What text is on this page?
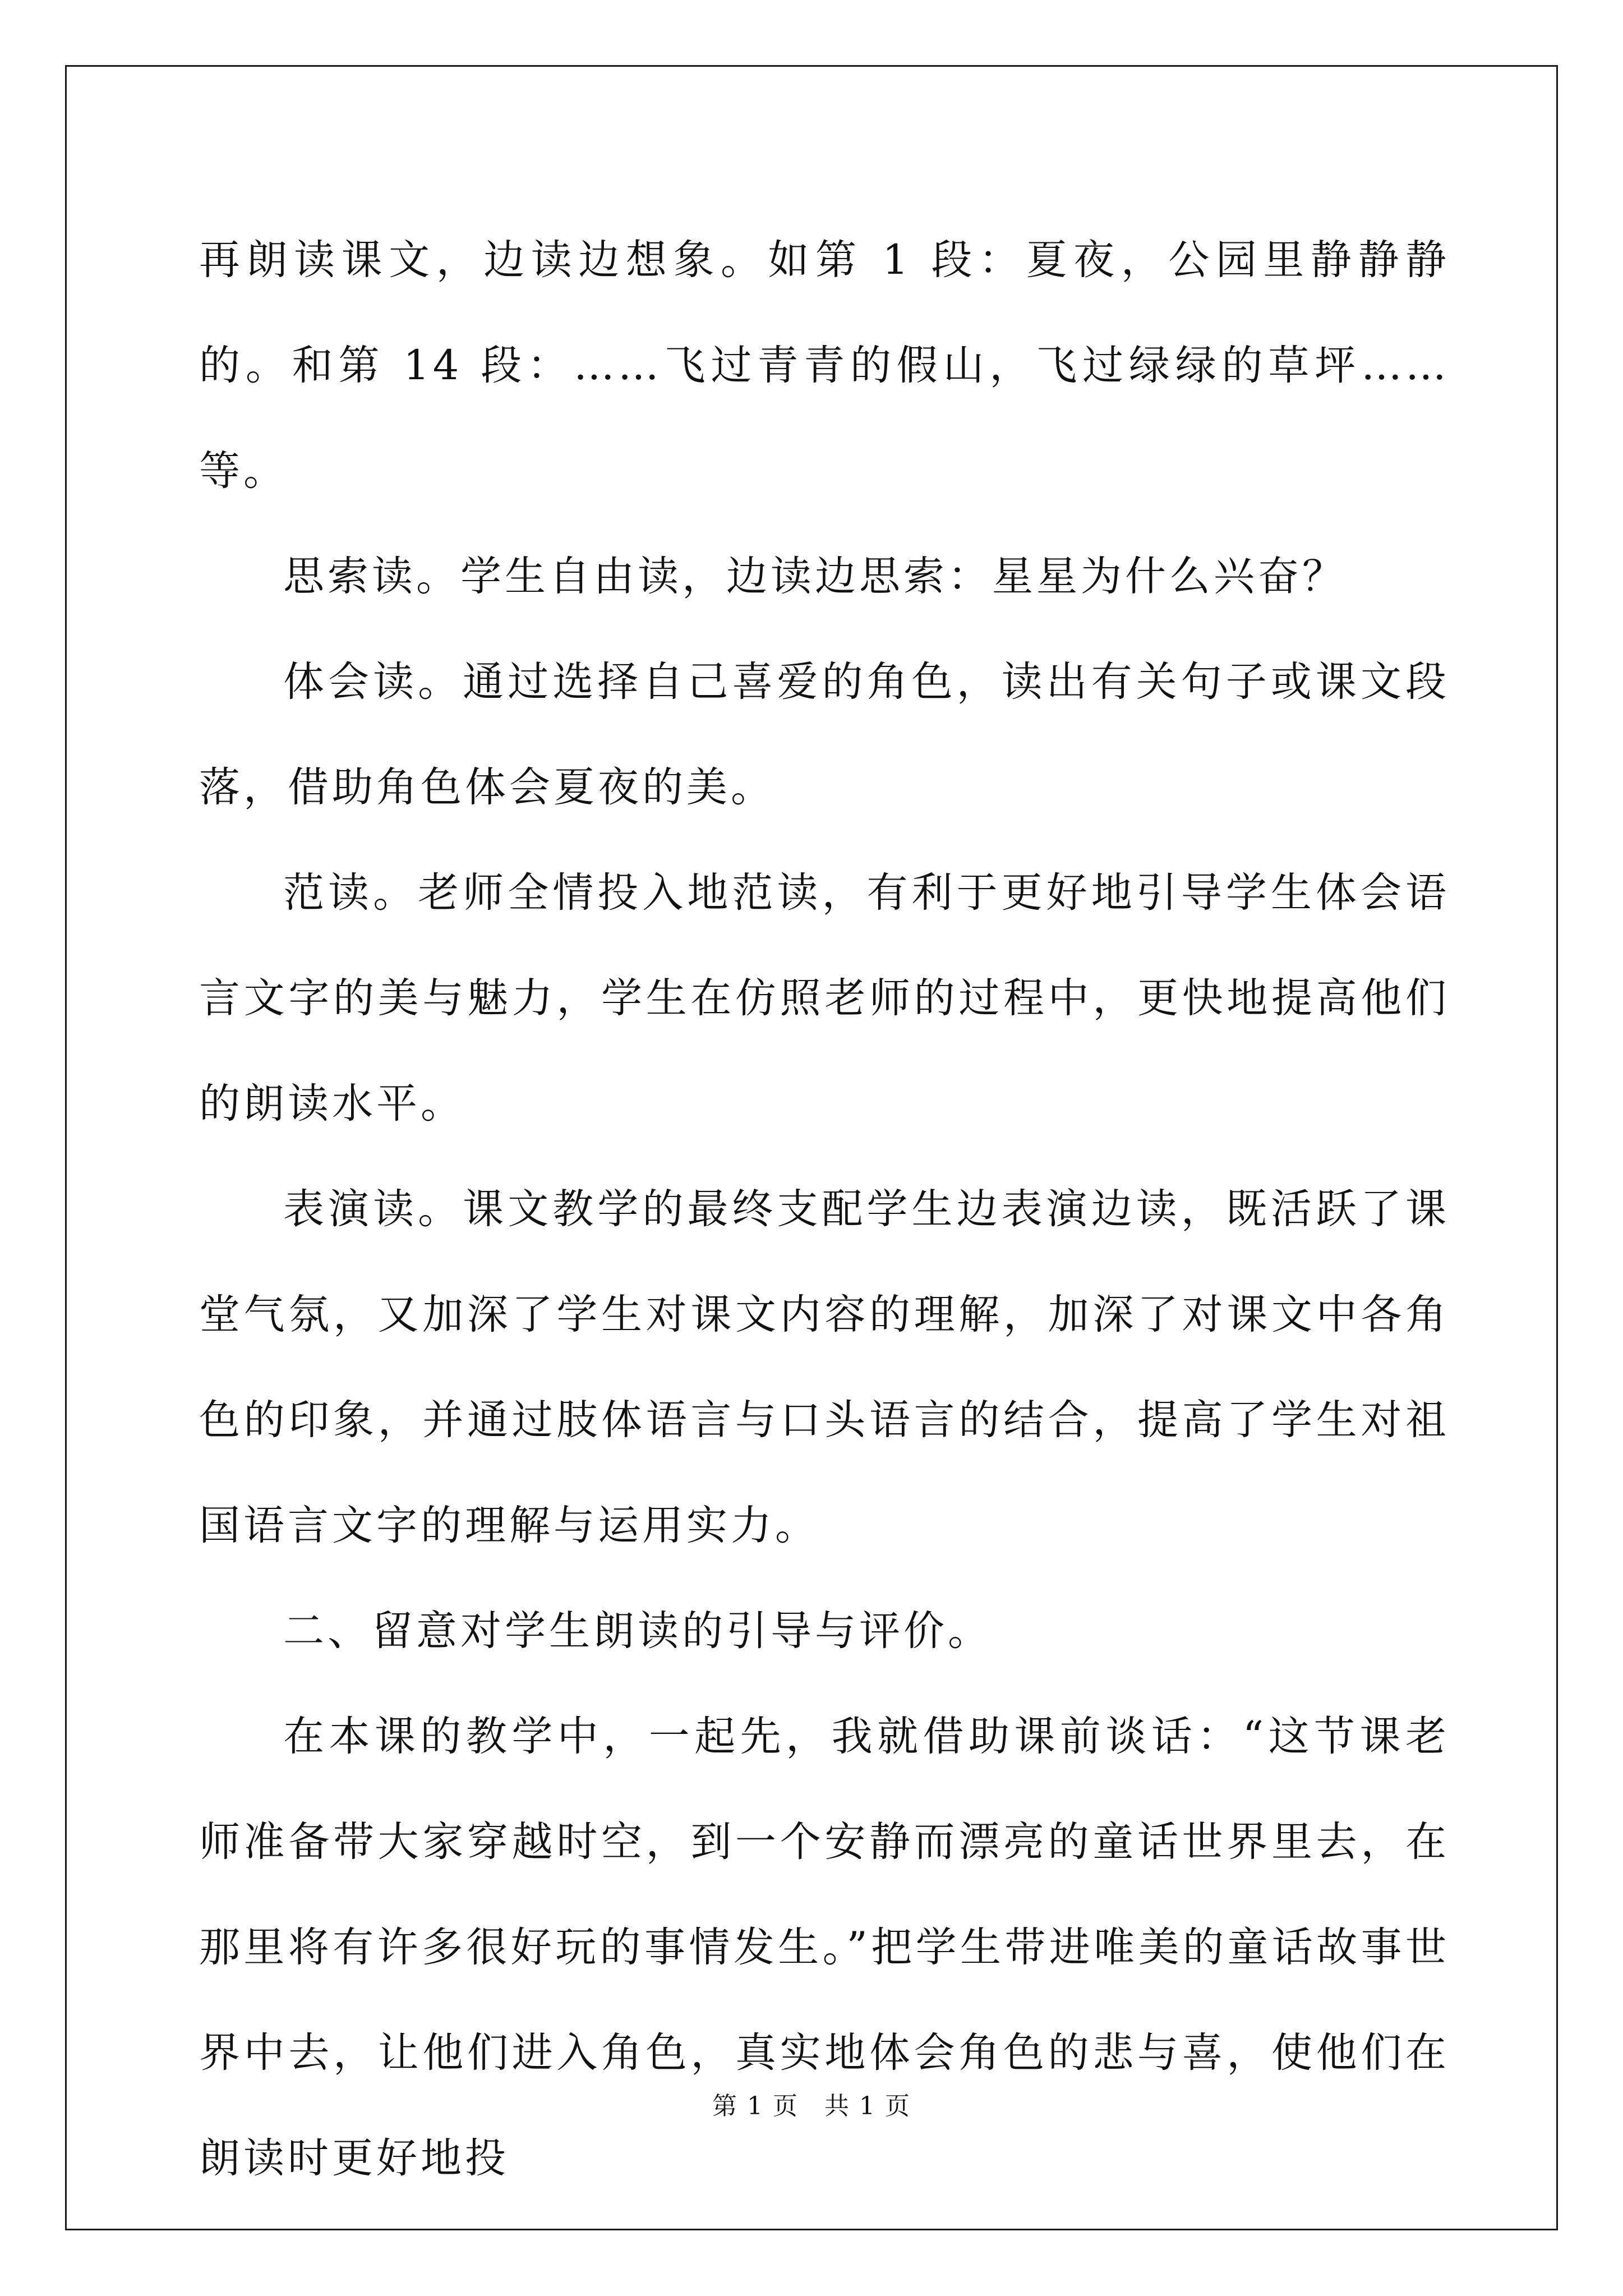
再朗读课文，边读边想象。如第 1 段：夏夜，公园里静静静的。和第 14 段：……飞过青青的假山，飞过绿绿的草坪……等。

思索读。学生自由读，边读边思索：星星为什么兴奋？

体会读。通过选择自己喜爱的角色，读出有关句子或课文段落，借助角色体会夏夜的美。

范读。老师全情投入地范读，有利于更好地引导学生体会语言文字的美与魅力，学生在仿照老师的过程中，更快地提高他们的朗读水平。

表演读。课文教学的最终支配学生边表演边读，既活跃了课堂气氛，又加深了学生对课文内容的理解，加深了对课文中各角色的印象，并通过肢体语言与口头语言的结合，提高了学生对祖国语言文字的理解与运用实力。

二、留意对学生朗读的引导与评价。

在本课的教学中，一起先，我就借助课前谈话：“这节课老师准备带大家穿越时空，到一个安静而漂亮的童话世界里去，在那里将有许多很好玩的事情发生。”把学生带进唯美的童话故事世界中去，让他们进入角色，真实地体会角色的悲与喜，使他们在朗读时更好地投

第 1 页　共 1 页
